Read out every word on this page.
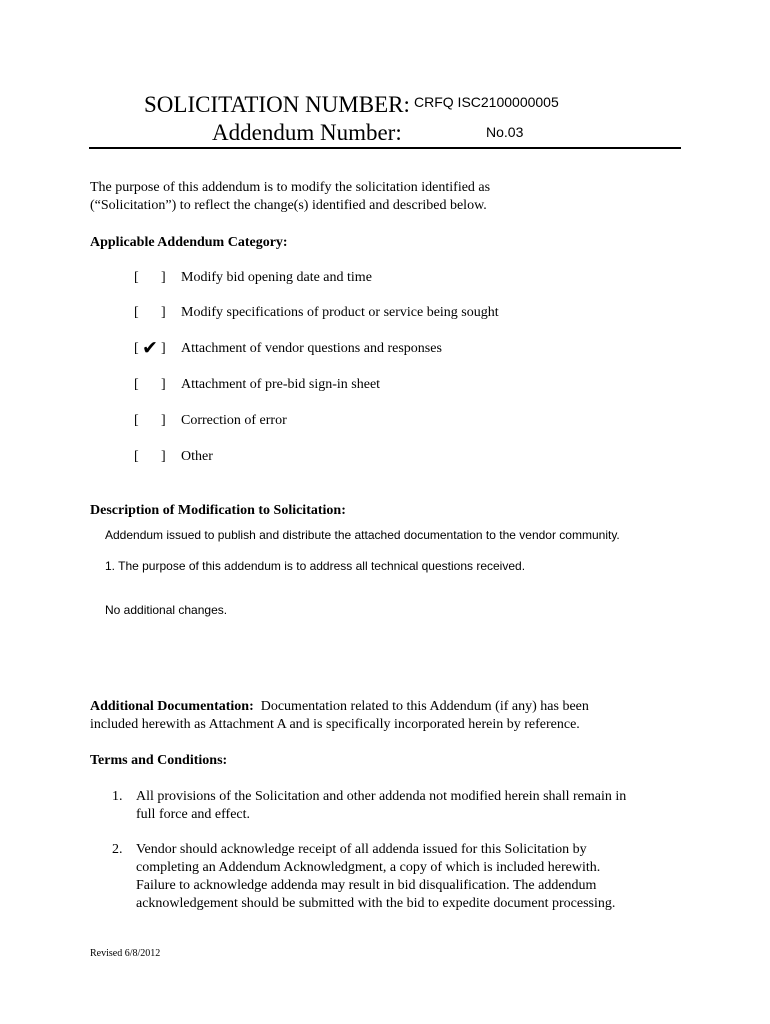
SOLICITATION NUMBER: CRFQ ISC2100000005
Addendum Number:	No.03
The purpose of this addendum is to modify the solicitation identified as
(“Solicitation”) to reflect the change(s) identified and described below.
Applicable Addendum Category:
[ ] Modify bid opening date and time
[ ] Modify specifications of product or service being sought
[ ✔ ] Attachment of vendor questions and responses
[ ] Attachment of pre-bid sign-in sheet
[ ] Correction of error
[ ] Other
Description of Modification to Solicitation:
Addendum issued to publish and distribute the attached documentation to the vendor community.
1. The purpose of this addendum is to address all technical questions received.
No additional changes.
Additional Documentation: Documentation related to this Addendum (if any) has been
included herewith as Attachment A and is specifically incorporated herein by reference.
Terms and Conditions:
1. All provisions of the Solicitation and other addenda not modified herein shall remain in
full force and effect.
2. Vendor should acknowledge receipt of all addenda issued for this Solicitation by
completing an Addendum Acknowledgment, a copy of which is included herewith.
Failure to acknowledge addenda may result in bid disqualification. The addendum
acknowledgement should be submitted with the bid to expedite document processing.
Revised 6/8/2012
